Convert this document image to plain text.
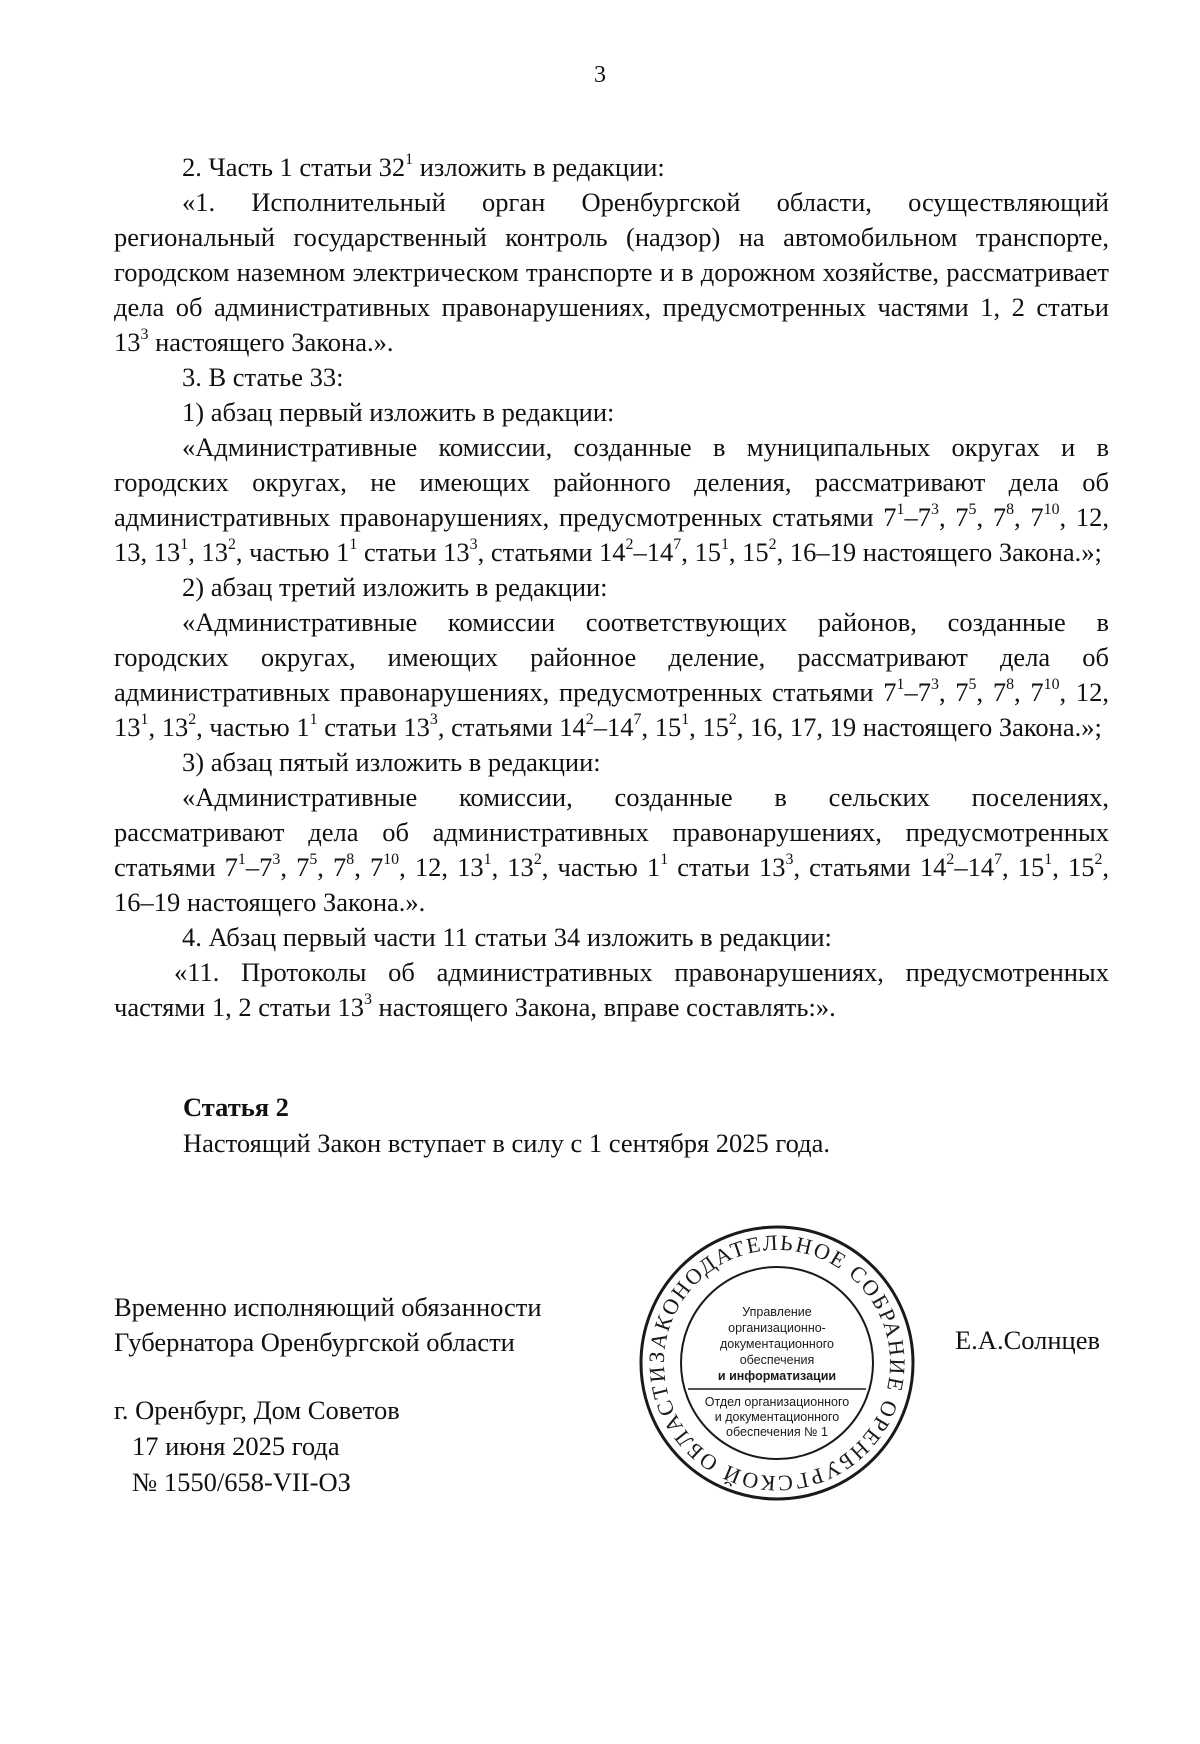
3

2. Часть 1 статьи $32^1$ изложить в редакции:

«1. Исполнительный орган Оренбургской области, осуществляющий региональный государственный контроль (надзор) на автомобильном транспорте, городском наземном электрическом транспорте и в дорожном хозяйстве, рассматривает дела об административных правонарушениях, предусмотренных частями 1, 2 статьи $13^3$ настоящего Закона.».

3. В статье 33:

1) абзац первый изложить в редакции:

«Административные комиссии, созданные в муниципальных округах и в городских округах, не имеющих районного деления, рассматривают дела об административных правонарушениях, предусмотренных статьями $7^1-7^3$, $7^5$, $7^8$, $7^{10}$, 12, 13, $13^1$, $13^2$, частью $1^1$ статьи $13^3$, статьями $14^2-14^7$, $15^1$, $15^2$, 16–19 настоящего Закона.»;

2) абзац третий изложить в редакции:

«Административные комиссии соответствующих районов, созданные в городских округах, имеющих районное деление, рассматривают дела об административных правонарушениях, предусмотренных статьями $7^1-7^3$, $7^5$, $7^8$, $7^{10}$, 12, $13^1$, $13^2$, частью $1^1$ статьи $13^3$, статьями $14^2-14^7$, $15^1$, $15^2$, 16, 17, 19 настоящего Закона.»;

3) абзац пятый изложить в редакции:

«Административные комиссии, созданные в сельских поселениях, рассматривают дела об административных правонарушениях, предусмотренных статьями $7^1-7^3$, $7^5$, $7^8$, $7^{10}$, 12, $13^1$, $13^2$, частью $1^1$ статьи $13^3$, статьями $14^2-14^7$, $15^1$, $15^2$, 16–19 настоящего Закона.».

4. Абзац первый части 11 статьи 34 изложить в редакции:

«11. Протоколы об административных правонарушениях, предусмотренных частями 1, 2 статьи $13^3$ настоящего Закона, вправе составлять:».

Статья 2
Настоящий Закон вступает в силу с 1 сентября 2025 года.
Временно исполняющий обязанности
Губернатора Оренбургской области	Е.А.Солнцев
г. Оренбург, Дом Советов
17 июня 2025 года
№ 1550/658-VII-ОЗ
ЗАКОНОДАТЕЛЬНОЕ СОБРАНИЕ ОРЕНБУРГСКОЙ ОБЛАСТИ
Управление
организационно-
документационного
обеспечения
и информатизации
Отдел организационного
и документационного
обеспечения № 1
